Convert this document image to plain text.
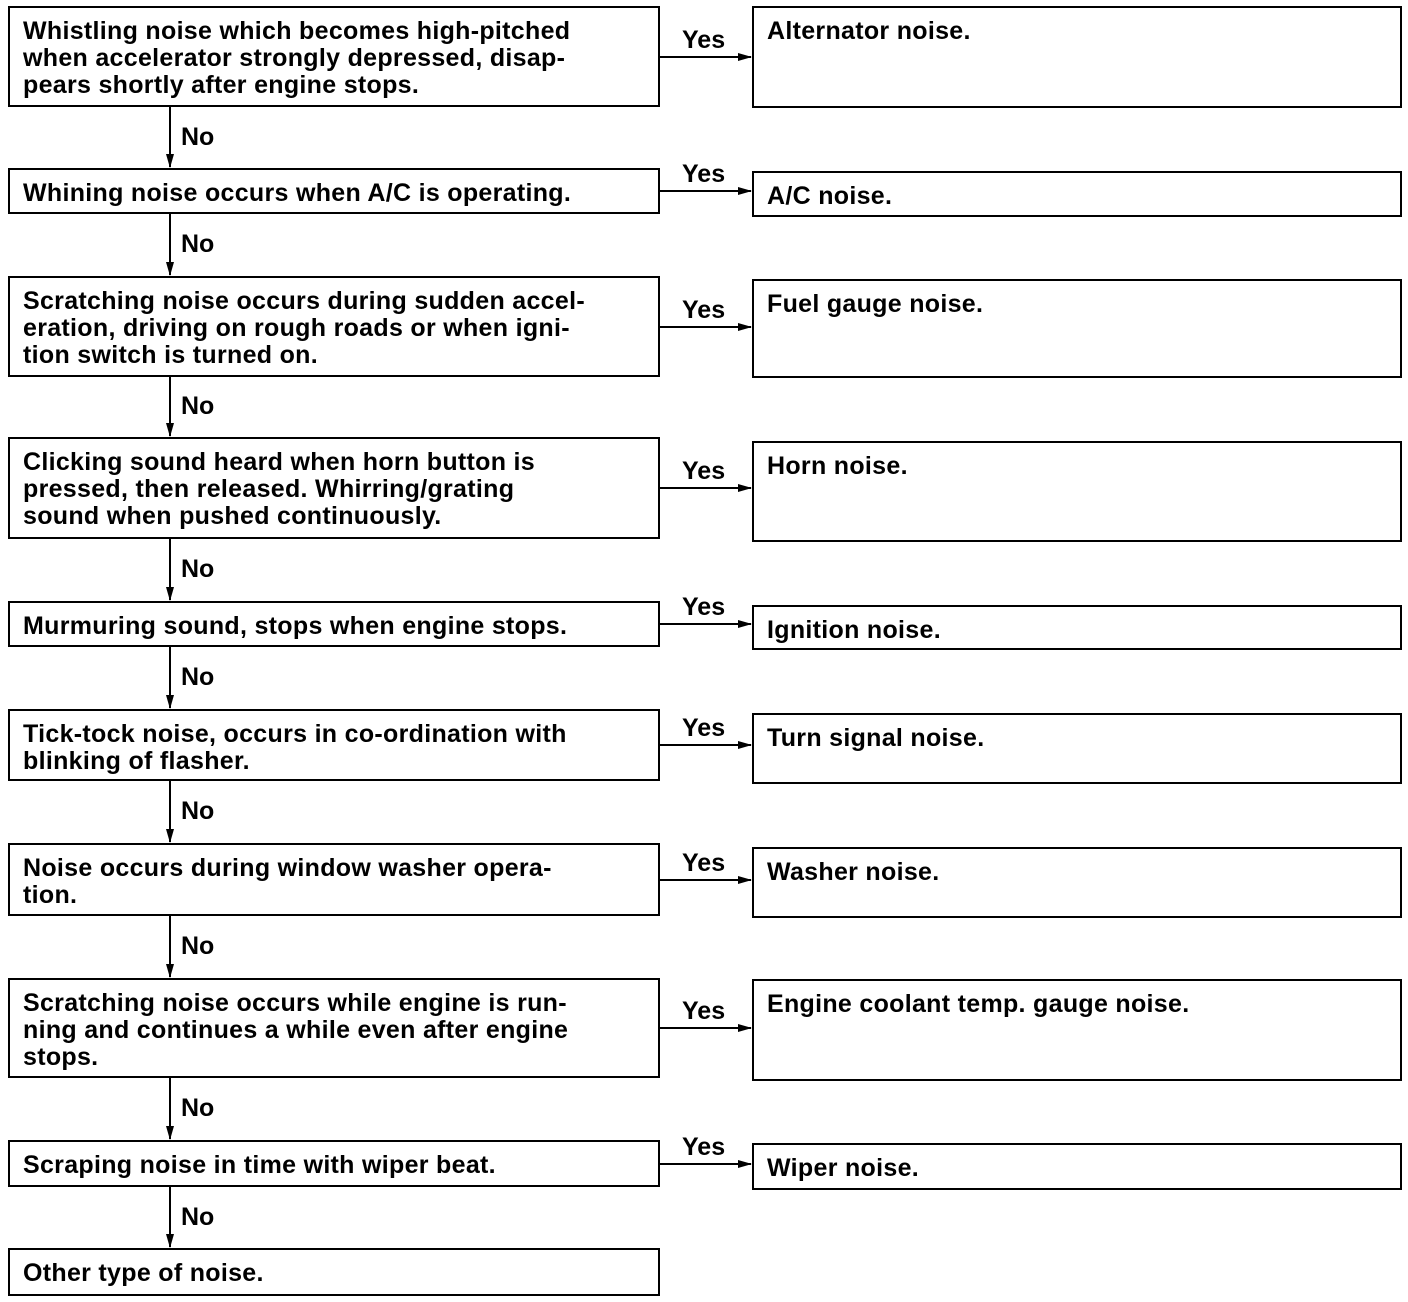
Whistling noise which becomes high-pitched
when accelerator strongly depressed, disap-
pears shortly after engine stops.
Whining noise occurs when A/C is operating.
Scratching noise occurs during sudden accel-
eration, driving on rough roads or when igni-
tion switch is turned on.
Clicking sound heard when horn button is
pressed, then released. Whirring/grating
sound when pushed continuously.
Murmuring sound, stops when engine stops.
Tick-tock noise, occurs in co-ordination with
blinking of flasher.
Noise occurs during window washer opera-
tion.
Scratching noise occurs while engine is run-
ning and continues a while even after engine
stops.
Scraping noise in time with wiper beat.
Other type of noise.
Alternator noise.
A/C noise.
Fuel gauge noise.
Horn noise.
Ignition noise.
Turn signal noise.
Washer noise.
Engine coolant temp. gauge noise.
Wiper noise.
Yes
Yes
Yes
Yes
Yes
Yes
Yes
Yes
Yes
No
No
No
No
No
No
No
No
No
